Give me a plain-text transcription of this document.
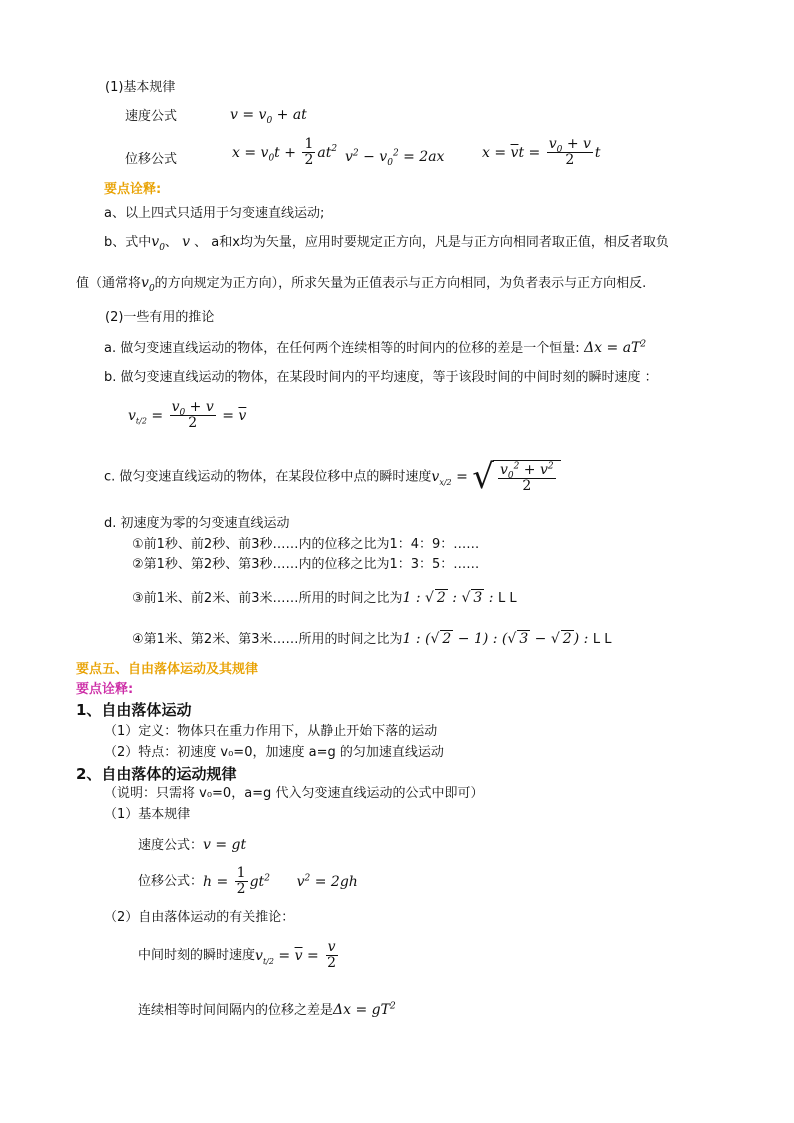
(1)基本规律
速度公式	$v = v_0$ + at
位移公式	$x = v_0t + \frac{1}{2} at^2$ $v^2 - v_0^2 = 2ax$	$x = \overline{v}t = \frac{v_0 + v}{2}$ t
要点诠释:
a、以上四式只适用于匀变速直线运动;
b、式中$v_0$、 v 、 a和x均为矢量，应用时要规定正方向，凡是与正方向相同者取正值，相反者取负
值（通常将$v_0$的方向规定为正方向），所求矢量为正值表示与正方向相同，为负者表示与正方向相反.
(2)一些有用的推论
a. 做匀变速直线运动的物体，在任何两个连续相等的时间内的位移的差是一个恒量: $\Delta x = aT^2$
b. 做匀变速直线运动的物体，在某段时间内的平均速度，等于该段时间的中间时刻的瞬时速度 ：
$v_{t/2} = \frac{v_0 + v}{2} = \overline{v}$
c. 做匀变速直线运动的物体，在某段位移中点的瞬时速度$v_{x/2}$ = √ $\frac{v_0^2 + v^2}{2}$
d. 初速度为零的匀变速直线运动
①前1秒、前2秒、前3秒……内的位移之比为1：4：9：……
②第1秒、第2秒、第3秒……内的位移之比为1：3：5：……
③前1米、前2米、前3米……所用的时间之比为1 : √ 2 : √ 3 : L L
④第1米、第2米、第3米……所用的时间之比为1 : (√ 2 − 1) : (√ 3 − √ 2 ) : L L
要点五、自由落体运动及其规律
要点诠释:
1、自由落体运动
（1）定义：物体只在重力作用下，从静止开始下落的运动
（2）特点：初速度 v₀=0，加速度 a=g 的匀加速直线运动
2、自由落体的运动规律
（说明：只需将 v₀=0，a=g 代入匀变速直线运动的公式中即可）
（1）基本规律
速度公式：v = gt
位移公式：$h = \frac{1}{2} gt^2$      $v^2 = 2gh$
（2）自由落体运动的有关推论：
中间时刻的瞬时速度$v_{t/2} = \overline{v} = \frac{v}{2}$
连续相等时间间隔内的位移之差是$\Delta x = gT^2$
